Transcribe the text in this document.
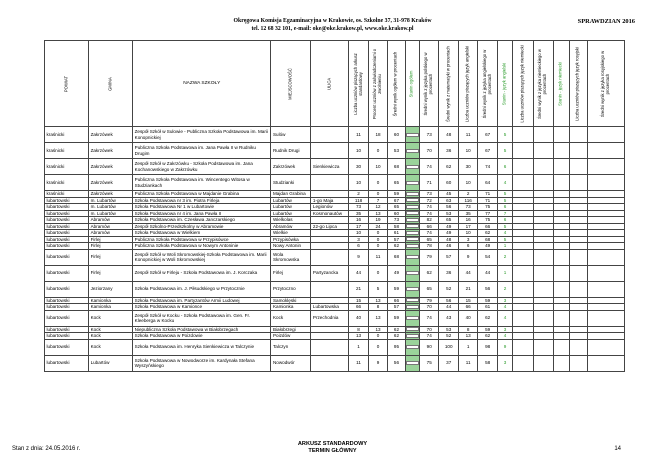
Okręgowa Komisja Egzaminacyjna w Krakowie, os. Szkolne 37, 31-978 Kraków
tel. 12 68 32 101, e-mail: oke@oke.krakow.pl, www.oke.krakow.pl
SPRAWDZIAN 2016
POWIAT	GMINA	NAZWA SZKOŁY	MIEJSCOWOŚĆ	ULICA	Liczba uczniów piszących arkusz standardowy	Procent uczniów z zaświadczeniami o zwolnieniu	Średni wynik ogółem w procentach	Stanin ogółem	Średni wynik z języka polskiego w procentach	Średni wynik z matematyki w procentach	Liczba uczniów piszących język angielski	Średni wynik z języka angielskiego w procentach	Stanin - język angielski	Liczba uczniów piszących język niemiecki	Średni wynik z języka niemieckiego w procentach	Stanin - język niemiecki	Liczba uczniów piszących język rosyjski	Średni wynik z języka rosyjskiego w procentach

kraśnicki	Zakrzówek	Zespół Szkół w Sulowie - Publiczna Szkoła Podstawowa im. Marii Konopnickiej	Sulów		11	18	60		73	48	11	67	5					
kraśnicki	Zakrzówek	Publiczna Szkoła Podstawowa im. Jana Pawła II w Rudniku Drugim	Rudnik Drugi		10	0	53		70	36	10	67	5					
kraśnicki	Zakrzówek	Zespół Szkół w Zakrzówku - Szkoła Podstawowa im. Jana Kochanowskiego w Zakrzówku	Zakrzówek	Sienkiewicza	30	10	68		74	62	30	74	6					
kraśnicki	Zakrzówek	Publiczna Szkoła Podstawowa im. Wincentego Witosa w Studziankach	Studzianki		10	0	65		71	60	10	64	4					
kraśnicki	Zakrzówek	Publiczna Szkoła Podstawowa w Majdanie Grabina	Majdan Grabina		2	0	59		73	45	2	71	5					
lubartowski	m. Lubartów	Szkoła Podstawowa nr 3 im. Piotra Firleja	Lubartów	1-go Maja	118	7	67		72	63	116	71	5					
lubartowski	m. Lubartów	Szkoła Podstawowa Nr 1 w Lubartowie	Lubartów	Legionów	73	12	65		74	56	73	75	6					
lubartowski	m. Lubartów	Szkoła Podstawowa nr 4 im. Jana Pawła II	Lubartów	Kosmonautów	35	13	60		74	53	35	77	7					
lubartowski	Abramów	Szkoła Podstawowa im. Czesława Janczarskiego	Wielkolas		16	19	73		82	65	16	75	6					
lubartowski	Abramów	Zespół Szkolno-Przedszkolny w Abramowie	Abramów	22-go Lipca	17	24	58		66	49	17	66	5					
lubartowski	Abramów	Szkoła Podstawowa w Wielkiem	Wielkie		10	0	61		74	49	10	62	4					
lubartowski	Firlej	Publiczna Szkoła Podstawowa w Przypisówce	Przypisówka		3	0	57		65	48	3	68	5					
lubartowski	Firlej	Publiczna Szkoła Podstawowa w Nowym Antoninie	Nowy Antonin		6	0	62		78	46	6	49	1					
lubartowski	Firlej	Zespół Szkół w Woli Skromowskiej-Szkoła Podstawowa im. Marii Konopnickiej w Woli Skromowskiej	Wola Skromowska		9	11	68		79	57	9	54	2					
lubartowski	Firlej	Zespół Szkół w Firleju - Szkoła Podstawowa im. J. Korczaka	Firlej	Partyzancka	44	0	49		62	36	44	44	1					
lubartowski	Jeziorzany	Szkoła Podstawowa im. J. Piłsudskiego w Przytocznie	Przytoczno		21	5	59		65	52	21	56	2					
lubartowski	Kamionka	Szkoła Podstawowa im. Partyzantów Armii Ludowej	Samoklęski		15	13	66		79	56	15	59	3					
lubartowski	Kamionka	Szkoła Podstawowa w Kamionce	Kamionka	Lubartowska	66	8	57		70	44	66	61	4					
lubartowski	Kock	Zespół Szkół w Kocku - Szkoła Podstawowa im. Gen. Fr. Kleeberga w Kocku	Kock	Przechodnia	40	13	59		74	43	40	62	4					
lubartowski	Kock	Niepubliczna Szkoła Podstawowa w Białobrzegach	Białobrzegi		8	13	62		70	53	8	59	3					
lubartowski	Kock	Szkoła Podstawowa w Poizdowie	Poizdów		13	0	62		74	52	13	62	4					
lubartowski	Kock	Szkoła Podstawowa im. Henryka Sienkiewicza w Talczynie	Talczyn		1	0	95		90	100	1	98	9					
lubartowski	Lubartów	Szkoła Podstawowa w Nowodworze im. Kardynała Stefana Wyszyńskiego	Nowodwór		11	9	56		75	37	11	58	3					
Stan z dnia: 24.05.2016 r.
ARKUSZ STANDARDOWY
TERMIN GŁÓWNY	14
